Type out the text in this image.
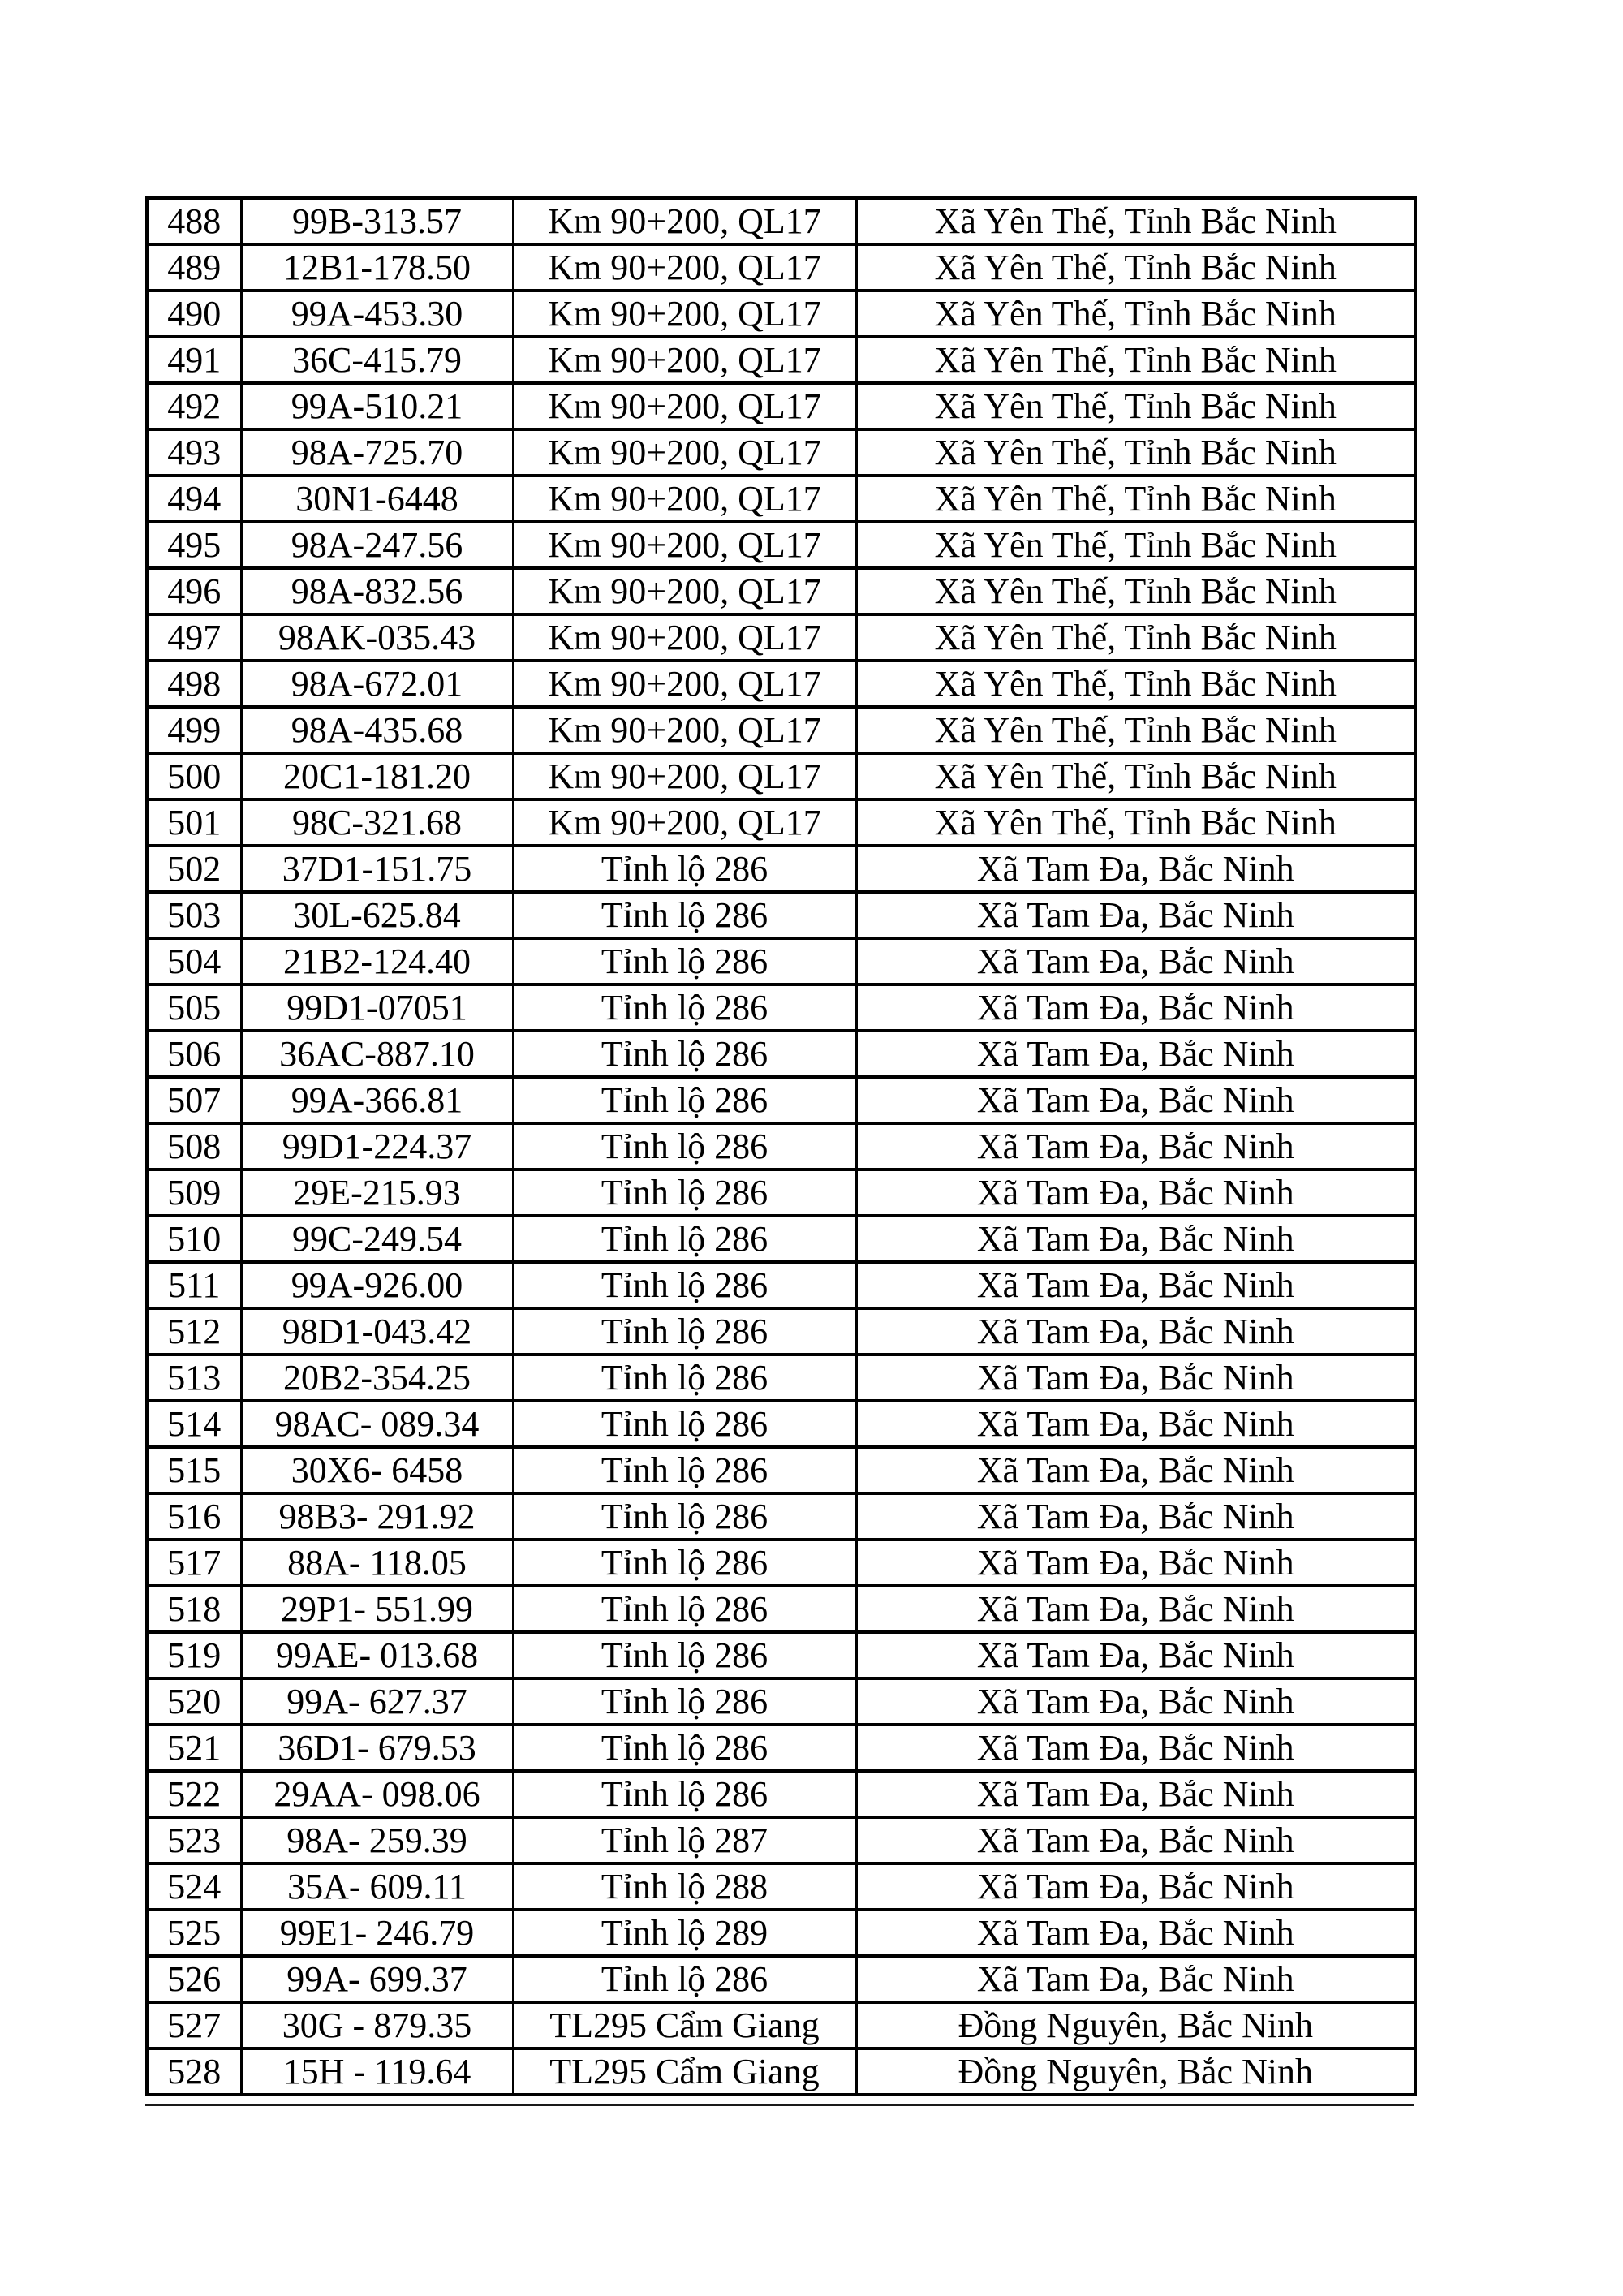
488	99B-313.57	Km 90+200, QL17	Xã Yên Thế, Tỉnh Bắc Ninh
489	12B1-178.50	Km 90+200, QL17	Xã Yên Thế, Tỉnh Bắc Ninh
490	99A-453.30	Km 90+200, QL17	Xã Yên Thế, Tỉnh Bắc Ninh
491	36C-415.79	Km 90+200, QL17	Xã Yên Thế, Tỉnh Bắc Ninh
492	99A-510.21	Km 90+200, QL17	Xã Yên Thế, Tỉnh Bắc Ninh
493	98A-725.70	Km 90+200, QL17	Xã Yên Thế, Tỉnh Bắc Ninh
494	30N1-6448	Km 90+200, QL17	Xã Yên Thế, Tỉnh Bắc Ninh
495	98A-247.56	Km 90+200, QL17	Xã Yên Thế, Tỉnh Bắc Ninh
496	98A-832.56	Km 90+200, QL17	Xã Yên Thế, Tỉnh Bắc Ninh
497	98AK-035.43	Km 90+200, QL17	Xã Yên Thế, Tỉnh Bắc Ninh
498	98A-672.01	Km 90+200, QL17	Xã Yên Thế, Tỉnh Bắc Ninh
499	98A-435.68	Km 90+200, QL17	Xã Yên Thế, Tỉnh Bắc Ninh
500	20C1-181.20	Km 90+200, QL17	Xã Yên Thế, Tỉnh Bắc Ninh
501	98C-321.68	Km 90+200, QL17	Xã Yên Thế, Tỉnh Bắc Ninh
502	37D1-151.75	Tỉnh lộ 286	Xã Tam Đa, Bắc Ninh
503	30L-625.84	Tỉnh lộ 286	Xã Tam Đa, Bắc Ninh
504	21B2-124.40	Tỉnh lộ 286	Xã Tam Đa, Bắc Ninh
505	99D1-07051	Tỉnh lộ 286	Xã Tam Đa, Bắc Ninh
506	36AC-887.10	Tỉnh lộ 286	Xã Tam Đa, Bắc Ninh
507	99A-366.81	Tỉnh lộ 286	Xã Tam Đa, Bắc Ninh
508	99D1-224.37	Tỉnh lộ 286	Xã Tam Đa, Bắc Ninh
509	29E-215.93	Tỉnh lộ 286	Xã Tam Đa, Bắc Ninh
510	99C-249.54	Tỉnh lộ 286	Xã Tam Đa, Bắc Ninh
511	99A-926.00	Tỉnh lộ 286	Xã Tam Đa, Bắc Ninh
512	98D1-043.42	Tỉnh lộ 286	Xã Tam Đa, Bắc Ninh
513	20B2-354.25	Tỉnh lộ 286	Xã Tam Đa, Bắc Ninh
514	98AC- 089.34	Tỉnh lộ 286	Xã Tam Đa, Bắc Ninh
515	30X6- 6458	Tỉnh lộ 286	Xã Tam Đa, Bắc Ninh
516	98B3- 291.92	Tỉnh lộ 286	Xã Tam Đa, Bắc Ninh
517	88A- 118.05	Tỉnh lộ 286	Xã Tam Đa, Bắc Ninh
518	29P1- 551.99	Tỉnh lộ 286	Xã Tam Đa, Bắc Ninh
519	99AE- 013.68	Tỉnh lộ 286	Xã Tam Đa, Bắc Ninh
520	99A- 627.37	Tỉnh lộ 286	Xã Tam Đa, Bắc Ninh
521	36D1- 679.53	Tỉnh lộ 286	Xã Tam Đa, Bắc Ninh
522	29AA- 098.06	Tỉnh lộ 286	Xã Tam Đa, Bắc Ninh
523	98A- 259.39	Tỉnh lộ 287	Xã Tam Đa, Bắc Ninh
524	35A- 609.11	Tỉnh lộ 288	Xã Tam Đa, Bắc Ninh
525	99E1- 246.79	Tỉnh lộ 289	Xã Tam Đa, Bắc Ninh
526	99A- 699.37	Tỉnh lộ 286	Xã Tam Đa, Bắc Ninh
527	30G - 879.35	TL295 Cẩm Giang	Đồng Nguyên, Bắc Ninh
528	15H - 119.64	TL295 Cẩm Giang	Đồng Nguyên, Bắc Ninh
